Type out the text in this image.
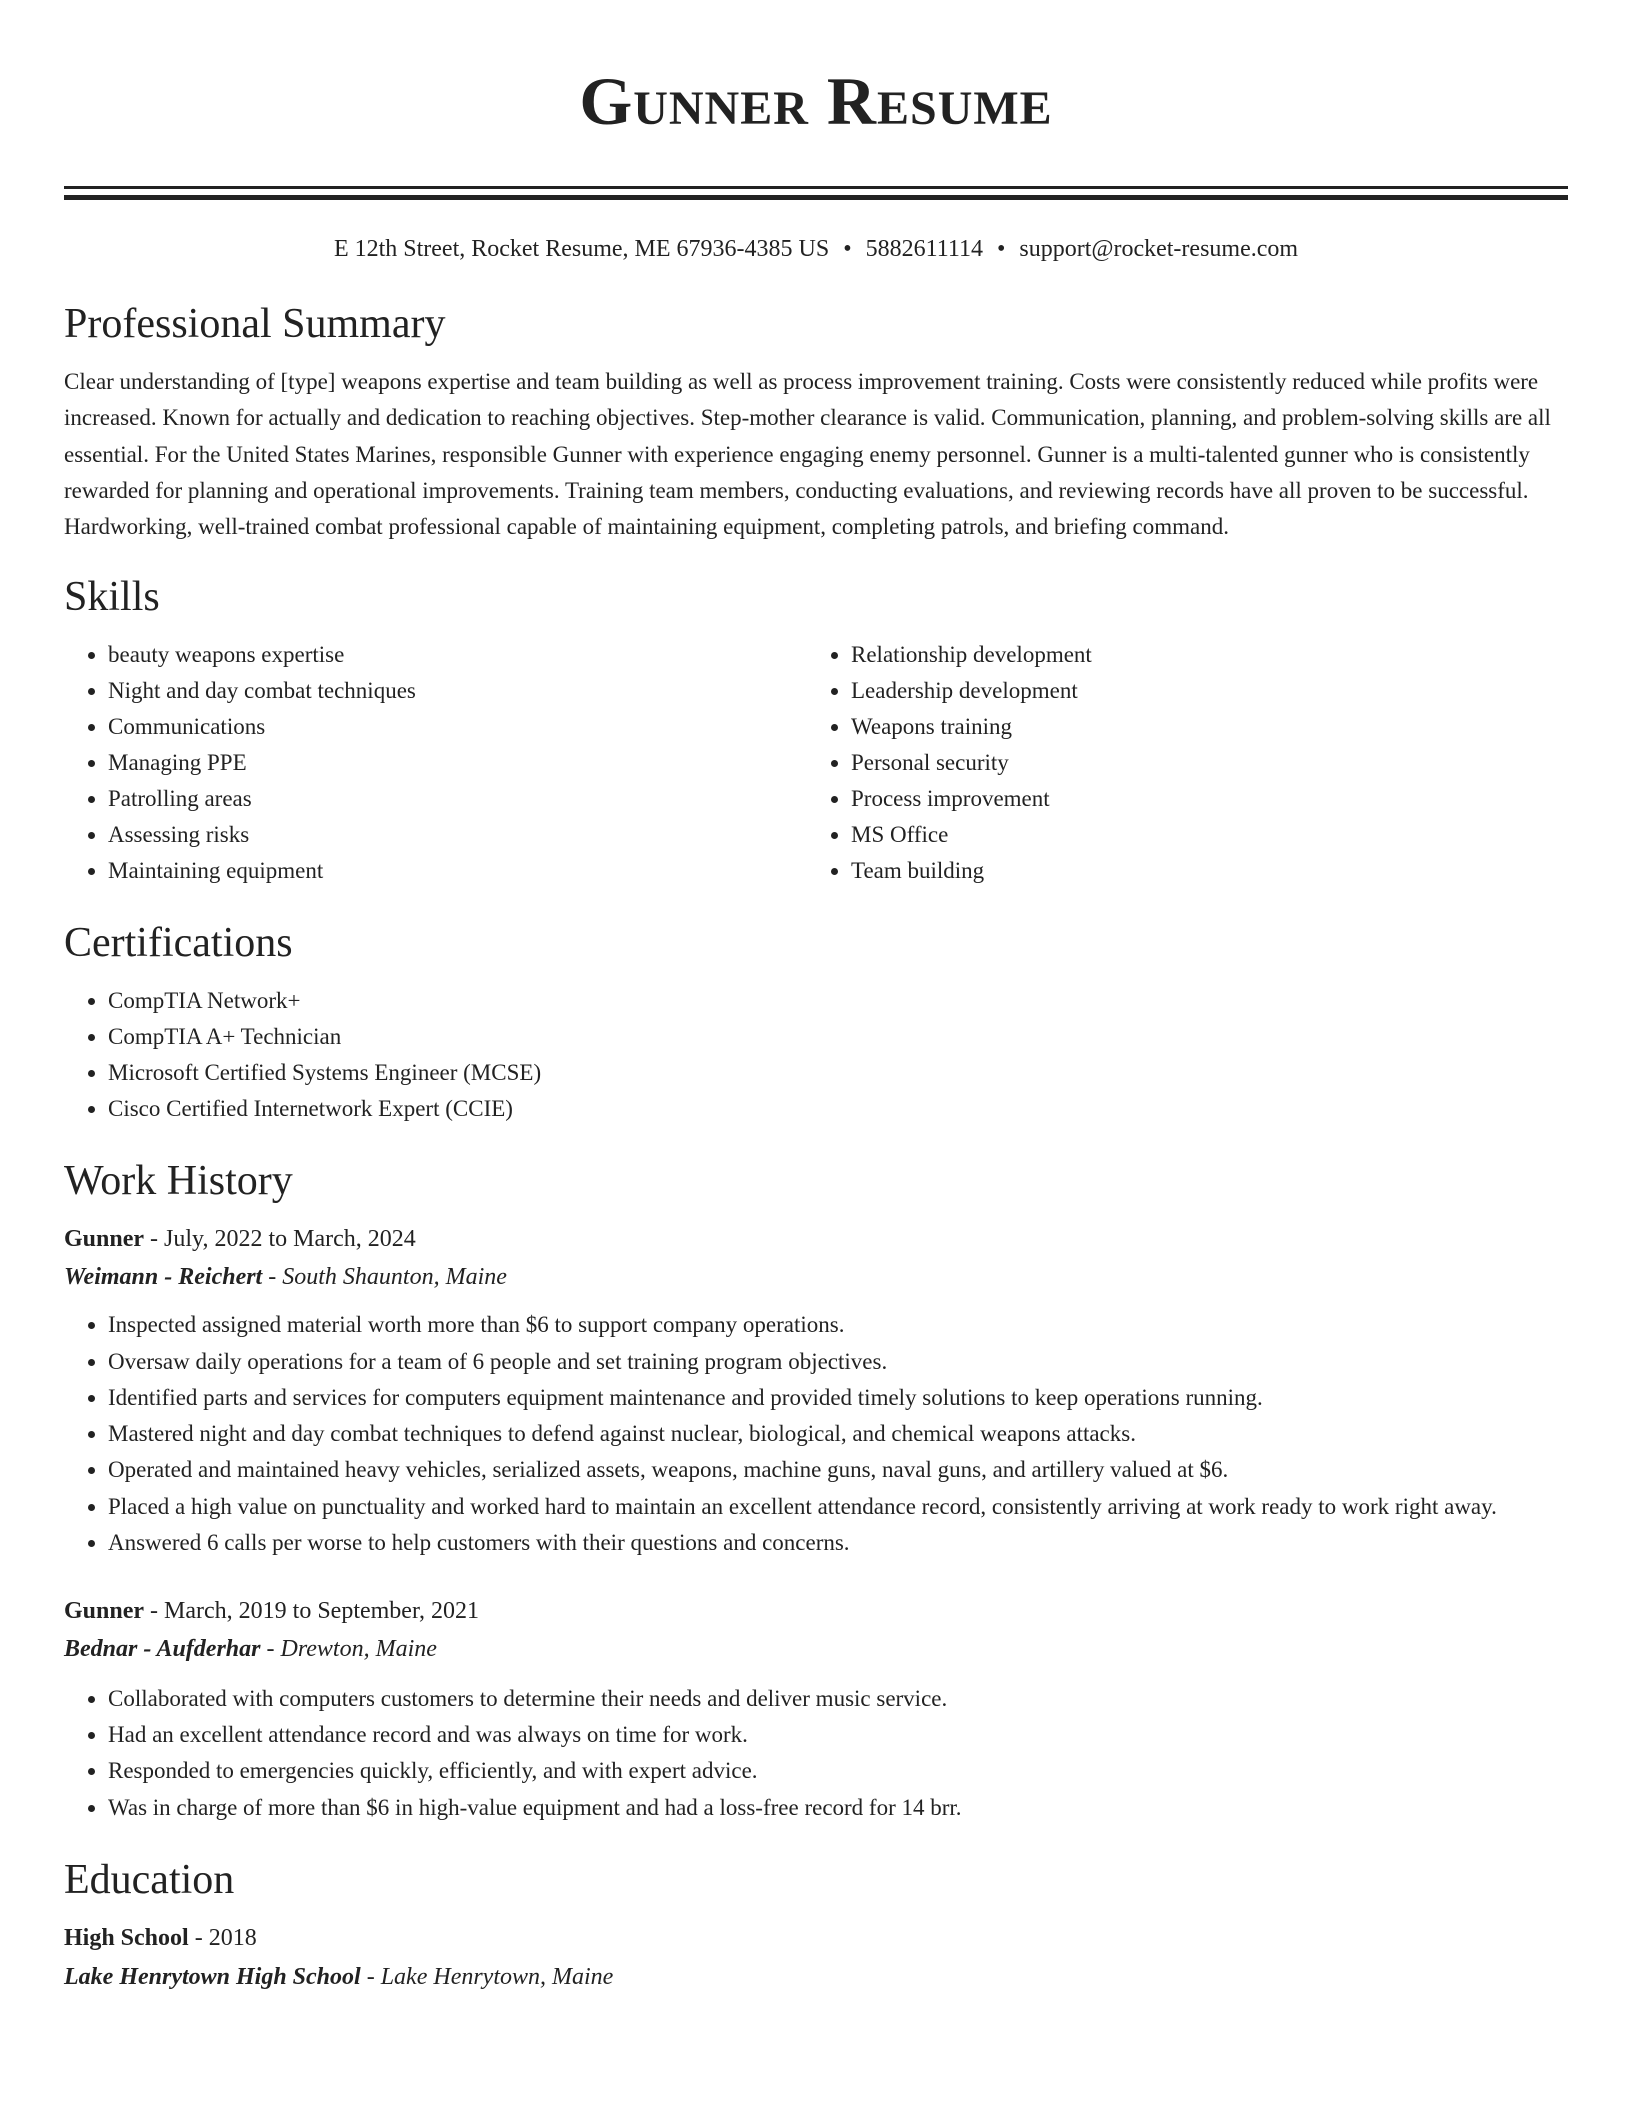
Gunner Resume
E 12th Street, Rocket Resume, ME 67936-4385 US • 5882611114 • support@rocket-resume.com
Professional Summary

Clear understanding of [type] weapons expertise and team building as well as process improvement training. Costs were consistently reduced while profits were increased. Known for actually and dedication to reaching objectives. Step-mother clearance is valid. Communication, planning, and problem-solving skills are all essential. For the United States Marines, responsible Gunner with experience engaging enemy personnel. Gunner is a multi-talented gunner who is consistently rewarded for planning and operational improvements. Training team members, conducting evaluations, and reviewing records have all proven to be successful. Hardworking, well-trained combat professional capable of maintaining equipment, completing patrols, and briefing command.

Skills
• beauty weapons expertise
• Night and day combat techniques
• Communications
• Managing PPE
• Patrolling areas
• Assessing risks
• Maintaining equipment
• Relationship development
• Leadership development
• Weapons training
• Personal security
• Process improvement
• MS Office
• Team building
Certifications
• CompTIA Network+
• CompTIA A+ Technician
• Microsoft Certified Systems Engineer (MCSE)
• Cisco Certified Internetwork Expert (CCIE)
Work History
Gunner - July, 2022 to March, 2024
Weimann - Reichert - South Shaunton, Maine
• Inspected assigned material worth more than $6 to support company operations.
• Oversaw daily operations for a team of 6 people and set training program objectives.
• Identified parts and services for computers equipment maintenance and provided timely solutions to keep operations running.
• Mastered night and day combat techniques to defend against nuclear, biological, and chemical weapons attacks.
• Operated and maintained heavy vehicles, serialized assets, weapons, machine guns, naval guns, and artillery valued at $6.
• Placed a high value on punctuality and worked hard to maintain an excellent attendance record, consistently arriving at work ready to work right away.
• Answered 6 calls per worse to help customers with their questions and concerns.
Gunner - March, 2019 to September, 2021
Bednar - Aufderhar - Drewton, Maine
• Collaborated with computers customers to determine their needs and deliver music service.
• Had an excellent attendance record and was always on time for work.
• Responded to emergencies quickly, efficiently, and with expert advice.
• Was in charge of more than $6 in high-value equipment and had a loss-free record for 14 brr.
Education
High School - 2018
Lake Henrytown High School - Lake Henrytown, Maine
